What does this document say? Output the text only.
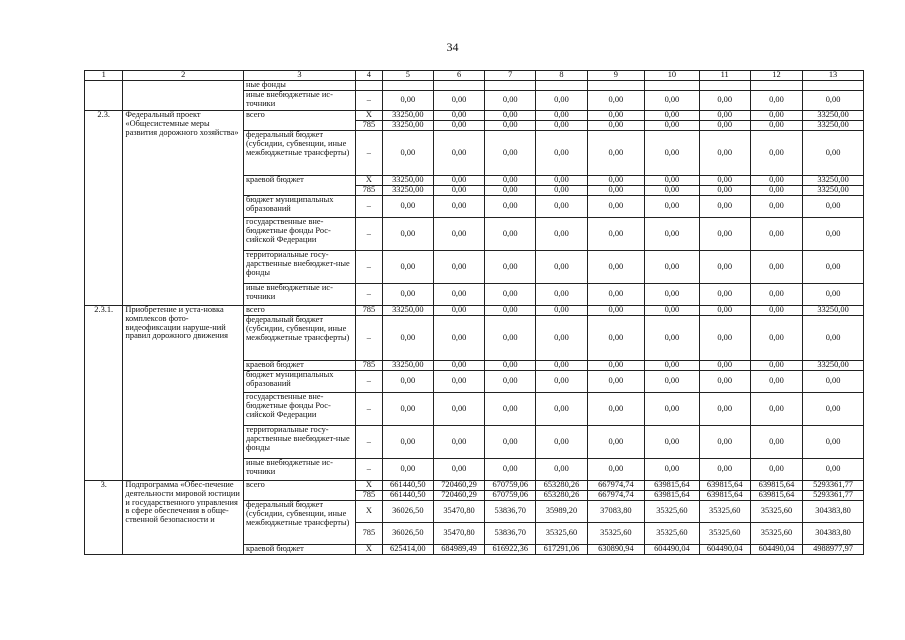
34
1	2	3	4	5	6	7	8	9	10	11	12	13
		ные фонды										
		иные внебюджетные ис-точники	–	0,00	0,00	0,00	0,00	0,00	0,00	0,00	0,00	0,00
2.3.	Федеральный проект «Общесистемные меры развития дорожного хозяйства»	всего	Х	33250,00	0,00	0,00	0,00	0,00	0,00	0,00	0,00	33250,00
			785	33250,00	0,00	0,00	0,00	0,00	0,00	0,00	0,00	33250,00
		федеральный бюджет (субсидии, субвенции, иные межбюджетные трансферты)	–	0,00	0,00	0,00	0,00	0,00	0,00	0,00	0,00	0,00
		краевой бюджет	Х	33250,00	0,00	0,00	0,00	0,00	0,00	0,00	0,00	33250,00
			785	33250,00	0,00	0,00	0,00	0,00	0,00	0,00	0,00	33250,00
		бюджет муниципальных образований	–	0,00	0,00	0,00	0,00	0,00	0,00	0,00	0,00	0,00
		государственные вне-бюджетные фонды Рос-сийской Федерации	–	0,00	0,00	0,00	0,00	0,00	0,00	0,00	0,00	0,00
		территориальные госу-дарственные внебюджет-ные фонды	–	0,00	0,00	0,00	0,00	0,00	0,00	0,00	0,00	0,00
		иные внебюджетные ис-точники	–	0,00	0,00	0,00	0,00	0,00	0,00	0,00	0,00	0,00
2.3.1.	Приобретение и уста-новка комплексов фото-видеофиксации наруше-ний правил дорожного движения	всего	785	33250,00	0,00	0,00	0,00	0,00	0,00	0,00	0,00	33250,00
		федеральный бюджет (субсидии, субвенции, иные межбюджетные трансферты)	–	0,00	0,00	0,00	0,00	0,00	0,00	0,00	0,00	0,00
		краевой бюджет	785	33250,00	0,00	0,00	0,00	0,00	0,00	0,00	0,00	33250,00
		бюджет муниципальных образований	–	0,00	0,00	0,00	0,00	0,00	0,00	0,00	0,00	0,00
		государственные вне-бюджетные фонды Рос-сийской Федерации	–	0,00	0,00	0,00	0,00	0,00	0,00	0,00	0,00	0,00
		территориальные госу-дарственные внебюджет-ные фонды	–	0,00	0,00	0,00	0,00	0,00	0,00	0,00	0,00	0,00
		иные внебюджетные ис-точники	–	0,00	0,00	0,00	0,00	0,00	0,00	0,00	0,00	0,00
3.	Подпрограмма «Обес-печение деятельности мировой юстиции и государственного управления в сфере обеспечения в обще-ственной безопасности и	всего	Х	661440,50	720460,29	670759,06	653280,26	667974,74	639815,64	639815,64	639815,64	5293361,77
			785	661440,50	720460,29	670759,06	653280,26	667974,74	639815,64	639815,64	639815,64	5293361,77
		федеральный бюджет (субсидии, субвенции, иные межбюджетные трансферты)	Х	36026,50	35470,80	53836,70	35989,20	37083,80	35325,60	35325,60	35325,60	304383,80
			785	36026,50	35470,80	53836,70	35325,60	35325,60	35325,60	35325,60	35325,60	304383,80
		краевой бюджет	Х	625414,00	684989,49	616922,36	617291,06	630890,94	604490,04	604490,04	604490,04	4988977,97
